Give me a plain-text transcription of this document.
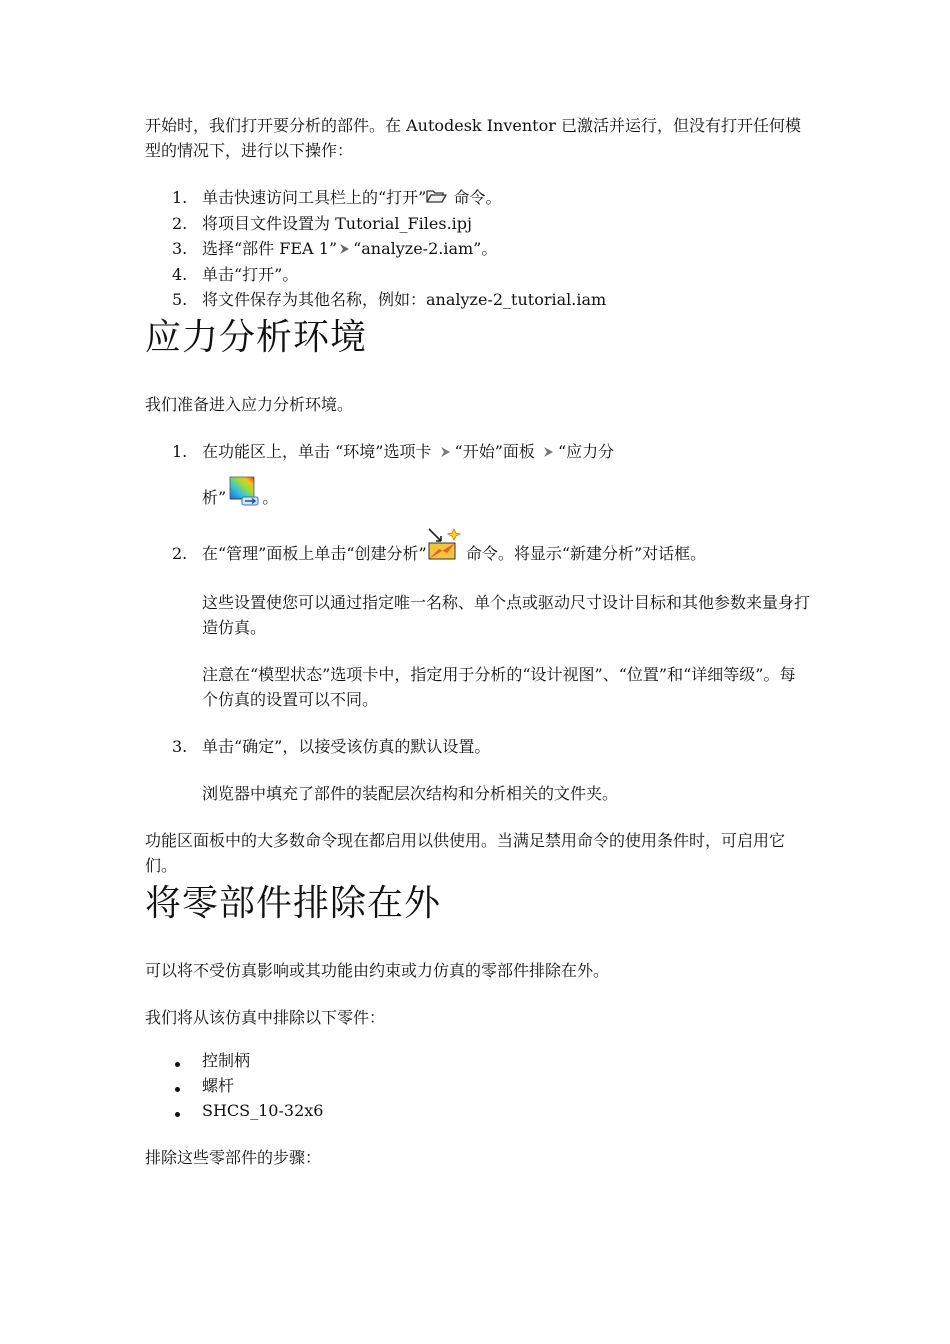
开始时，我们打开要分析的部件。在 Autodesk Inventor 已激活并运行，但没有打开任何模型的情况下，进行以下操作：

1. 单击快速访问工具栏上的“打开” 命令。
2. 将项目文件设置为 Tutorial_Files.ipj
3. 选择“部件 FEA 1” “analyze-2.iam”。
4. 单击“打开”。
5. 将文件保存为其他名称，例如：analyze-2_tutorial.iam
应力分析环境

我们准备进入应力分析环境。

1. 在功能区上，单击 “环境”选项卡 “开始”面板 “应力分
析” 。
2. 在“管理”面板上单击“创建分析” 命令。将显示“新建分析”对话框。

这些设置使您可以通过指定唯一名称、单个点或驱动尺寸设计目标和其他参数来量身打造仿真。

注意在“模型状态”选项卡中，指定用于分析的“设计视图”、“位置”和“详细等级”。每个仿真的设置可以不同。

3. 单击“确定”，以接受该仿真的默认设置。

浏览器中填充了部件的装配层次结构和分析相关的文件夹。

功能区面板中的大多数命令现在都启用以供使用。当满足禁用命令的使用条件时，可启用它们。

将零部件排除在外

可以将不受仿真影响或其功能由约束或力仿真的零部件排除在外。

我们将从该仿真中排除以下零件：

控制柄
螺杆
SHCS_10-32x6

排除这些零部件的步骤：
